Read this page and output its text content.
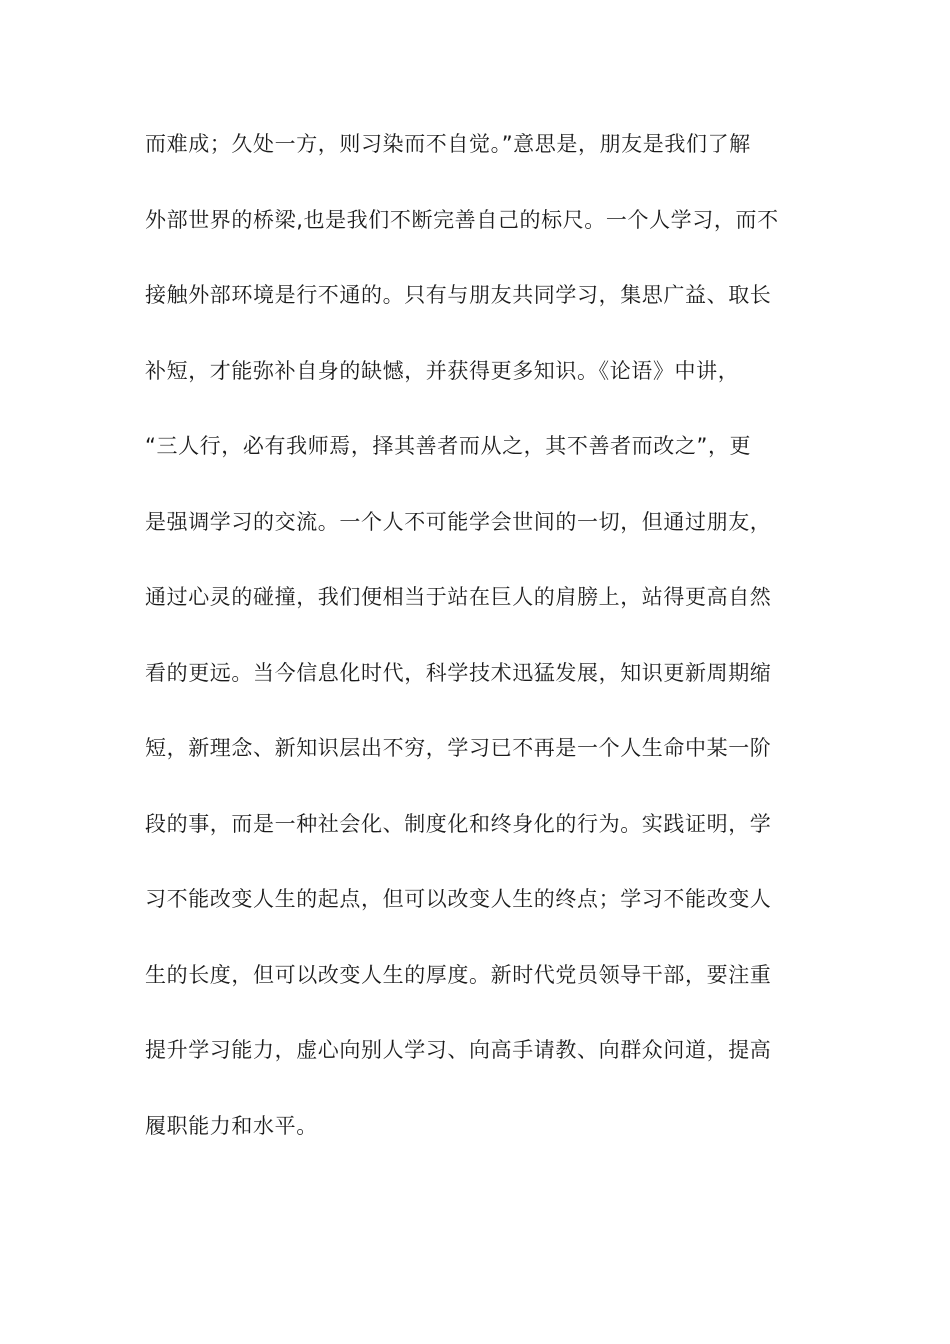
而难成；久处一方，则习染而不自觉。”意思是，朋友是我们了解
外部世界的桥梁,也是我们不断完善自己的标尺。一个人学习，而不
接触外部环境是行不通的。只有与朋友共同学习，集思广益、取长
补短，才能弥补自身的缺憾，并获得更多知识。《论语》中讲，
“三人行，必有我师焉，择其善者而从之，其不善者而改之”，更
是强调学习的交流。一个人不可能学会世间的一切，但通过朋友，
通过心灵的碰撞，我们便相当于站在巨人的肩膀上，站得更高自然
看的更远。当今信息化时代，科学技术迅猛发展，知识更新周期缩
短，新理念、新知识层出不穷，学习已不再是一个人生命中某一阶
段的事，而是一种社会化、制度化和终身化的行为。实践证明，学
习不能改变人生的起点，但可以改变人生的终点；学习不能改变人
生的长度，但可以改变人生的厚度。新时代党员领导干部，要注重
提升学习能力，虚心向别人学习、向高手请教、向群众问道，提高
履职能力和水平。
